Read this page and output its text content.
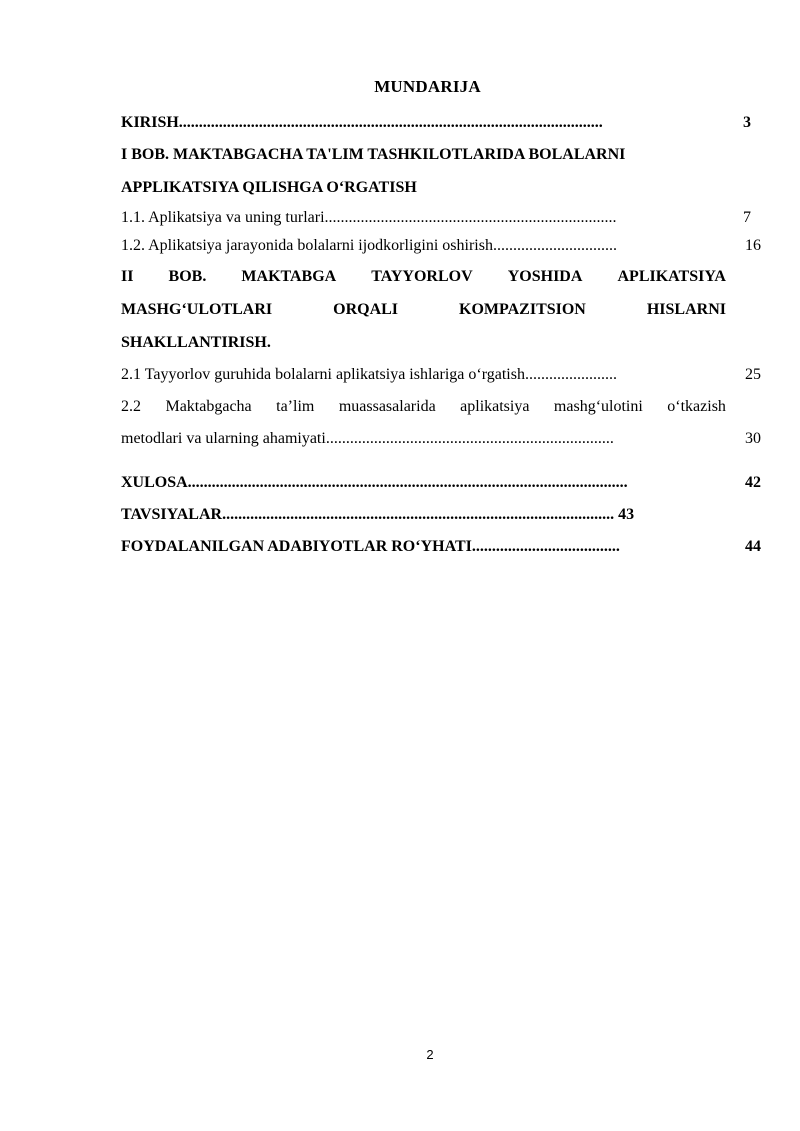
MUNDARIJA
KIRISH..........................................................................................................	3
I BOB. MAKTABGACHA TA'LIM TASHKILOTLARIDA BOLALARNI
APPLIKATSIYA QILISHGA O‘RGATISH
1.1. Aplikatsiya va uning turlari.........................................................................	7
1.2. Aplikatsiya jarayonida bolalarni ijodkorligini oshirish...............................	16
II BOB. MAKTABGA TAYYORLOV YOSHIDA APLIKATSIYA
MASHG‘ULOTLARI	ORQALI	KOMPAZITSION	HISLARNI
SHAKLLANTIRISH.
2.1 Tayyorlov guruhida bolalarni aplikatsiya ishlariga o‘rgatish.......................	25
2.2 Maktabgacha ta’lim muassasalarida aplikatsiya mashg‘ulotini o‘tkazish
metodlari va ularning ahamiyati........................................................................	30
XULOSA..............................................................................................................	42
TAVSIYALAR.................................................................................................. 43
FOYDALANILGAN ADABIYOTLAR RO‘YHATI.....................................	44
2
